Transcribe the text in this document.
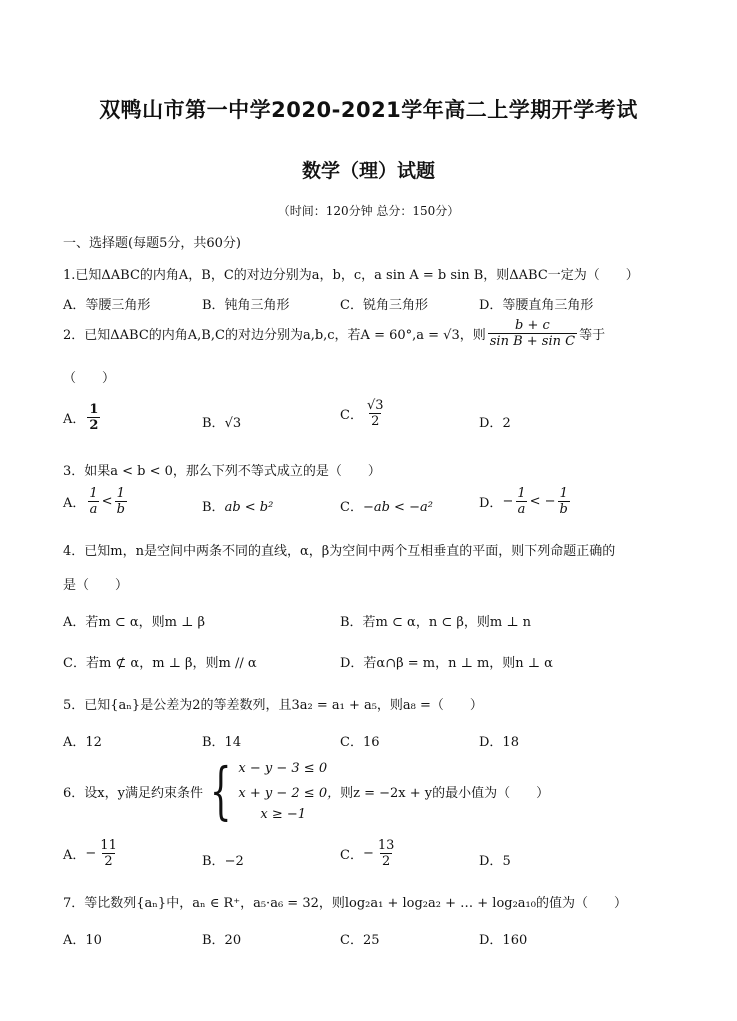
双鸭山市第一中学2020-2021学年高二上学期开学考试
数学（理）试题
（时间：120分钟 总分：150分）
一、选择题(每题5分，共60分)
1.已知ΔABC的内角A，B，C的对边分别为a，b，c，a sin A = b sin B，则ΔABC一定为（　　）
A．等腰三角形	B．钝角三角形	C．锐角三角形	D．等腰直角三角形
2．已知ΔABC的内角A,B,C的对边分别为a,b,c，若A = 60°,a = √3，则 $\frac{b + c}{\text{sin B + sin C}}$ 等于
（　　）
A． $\frac{1}{2}$	B．√3
C． $\frac{√3}{2}$	D．2
3．如果a < b < 0，那么下列不等式成立的是（　　）
A． $\frac{1}{a} < \frac{1}{b}$	B．ab < b²	C．−ab < −a²	D． − $\frac{1}{a}$ < − $\frac{1}{b}$
4．已知m，n是空间中两条不同的直线，α，β为空间中两个互相垂直的平面，则下列命题正确的
是（　　）
A．若m ⊂ α，则m ⊥ β	B．若m ⊂ α，n ⊂ β，则m ⊥ n
C．若m ⊄ α，m ⊥ β，则m // α	D．若α∩β = m，n ⊥ m，则n ⊥ α
5．已知{aₙ}是公差为2的等差数列，且3a₂ = a₁ + a₅，则a₈ =（　　）
A．12	B．14	C．16	D．18
6．设x，y满足约束条件 { x − y − 3 ≤ 0
x + y − 2 ≤ 0，
x ≥ −1
则z = −2x + y的最小值为（　　）
A． − $\frac{11}{2}$	B．−2	C． − $\frac{13}{2}$	D．5
7．等比数列{aₙ}中，aₙ ∈ R⁺，a₅·a₆ = 32，则log₂a₁ + log₂a₂ + … + log₂a₁₀的值为（　　）
A．10	B．20	C．25	D．160
